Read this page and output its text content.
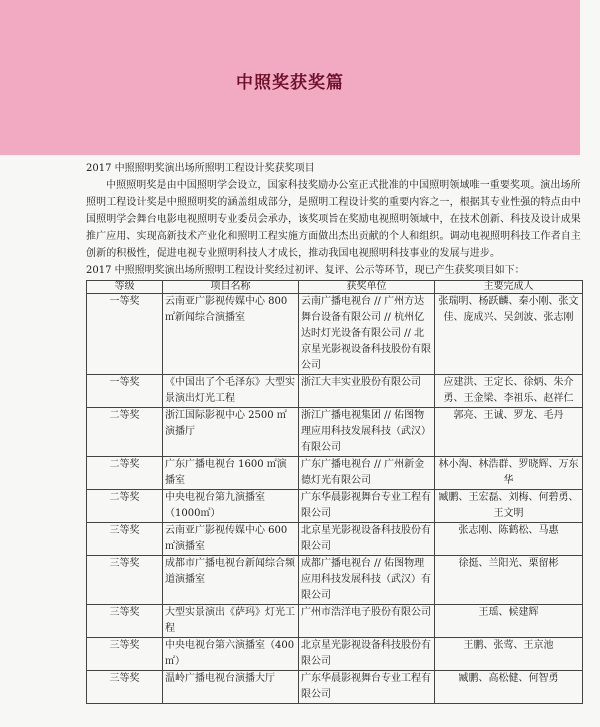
中照奖获奖篇

2017 中照照明奖演出场所照明工程设计奖获奖项目

中照照明奖是由中国照明学会设立，国家科技奖励办公室正式批准的中国照明领域唯一重要奖项。演出场所照明工程设计奖是中照照明奖的涵盖组成部分，是照明工程设计奖的重要内容之一，根据其专业性强的特点由中国照明学会舞台电影电视照明专业委员会承办，该奖项旨在奖励电视照明领域中，在技术创新、科技及设计成果推广应用、实现高新技术产业化和照明工程实施方面做出杰出贡献的个人和组织。调动电视照明科技工作者自主创新的积极性，促进电视专业照明科技人才成长，推动我国电视照明科技事业的发展与进步。

2017 中照照明奖演出场所照明工程设计奖经过初评、复评、公示等环节，现已产生获奖项目如下：

等级	项目名称	获奖单位	主要完成人
一等奖	云南亚广影视传媒中心 800㎡新闻综合演播室	云南广播电视台 // 广州方达舞台设备有限公司 // 杭州亿达时灯光设备有限公司 // 北京星光影视设备科技股份有限公司	张瑞明、杨跃麟、秦小刚、张文佳、庞成兴、吴剑波、张志刚
一等奖	《中国出了个毛泽东》大型实景演出灯光工程	浙江大丰实业股份有限公司	应建洪、王定长、徐炳、朱介勇、王金梁、李祖乐、赵祥仁
二等奖	浙江国际影视中心 2500 ㎡演播厅	浙江广播电视集团 // 佑图物理应用科技发展科技（武汉）有限公司	郭亮、王诚、罗龙、毛丹
二等奖	广东广播电视台 1600 ㎡演播室	广东广播电视台 // 广州新金德灯光有限公司	林小淘、林浩群、罗晓辉、万东华
二等奖	中央电视台第九演播室（1000㎡）	广东华晨影视舞台专业工程有限公司	臧鹏、王宏磊、刘梅、何碧勇、王文明
三等奖	云南亚广影视传媒中心 600 ㎡演播室	北京星光影视设备科技股份有限公司	张志刚、陈鹤松、马惠
三等奖	成都市广播电视台新闻综合频道演播室	成都广播电视台 // 佑图物理应用科技发展科技（武汉）有限公司	徐挺、兰阳光、栗留彬
三等奖	大型实景演出《萨玛》灯光工程	广州市浩洋电子股份有限公司	王瑶、候建辉
三等奖	中央电视台第六演播室（400㎡）	北京星光影视设备科技股份有限公司	王鹏、张莺、王京池
三等奖	温岭广播电视台演播大厅	广东华晨影视舞台专业工程有限公司	臧鹏、高松健、何智勇
